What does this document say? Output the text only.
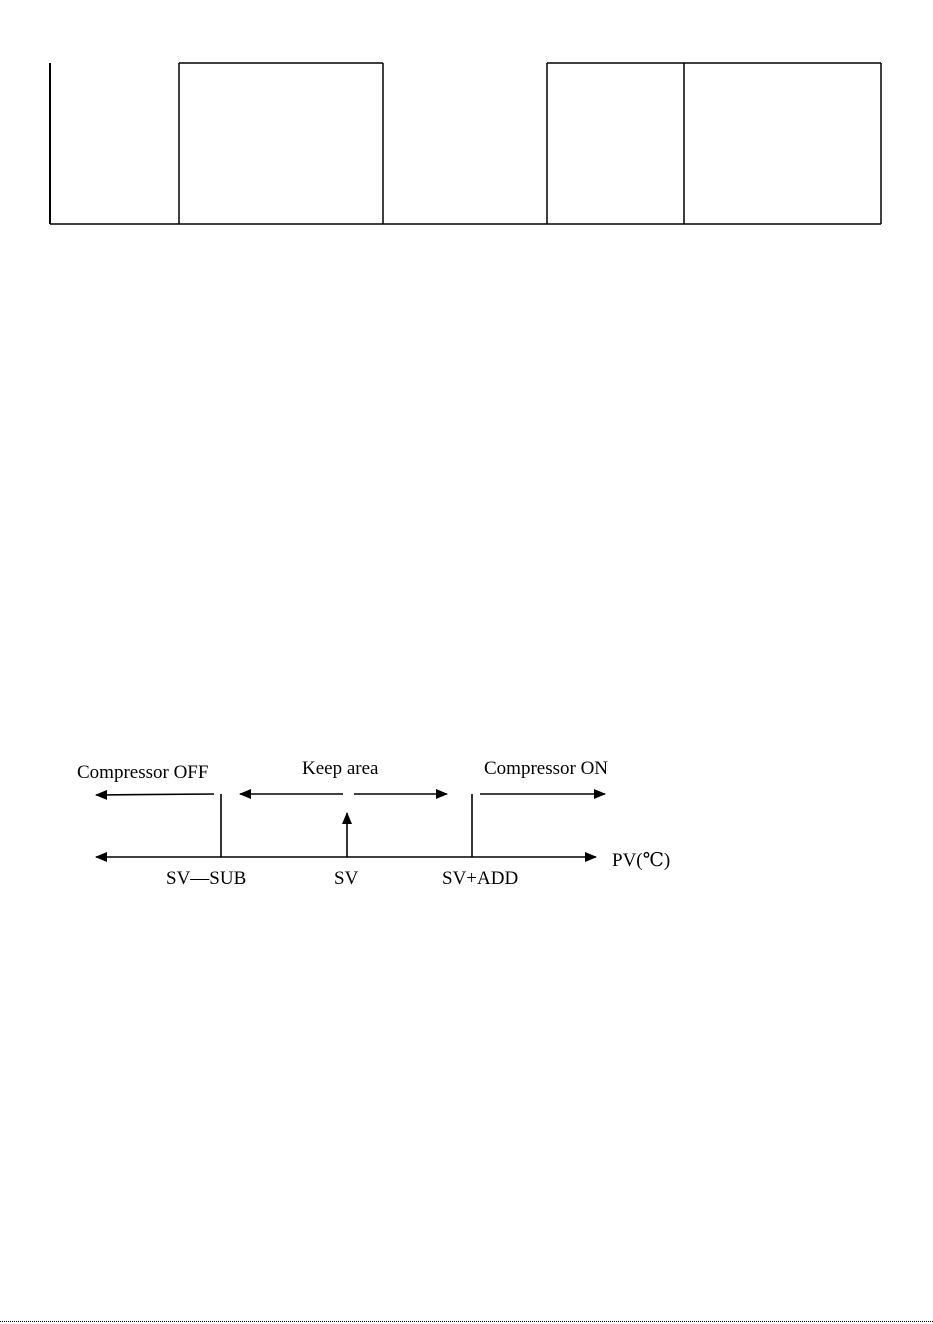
Compressor OFF	Keep area	Compressor ON
SV—SUB	SV	SV+ADD
PV(℃)
